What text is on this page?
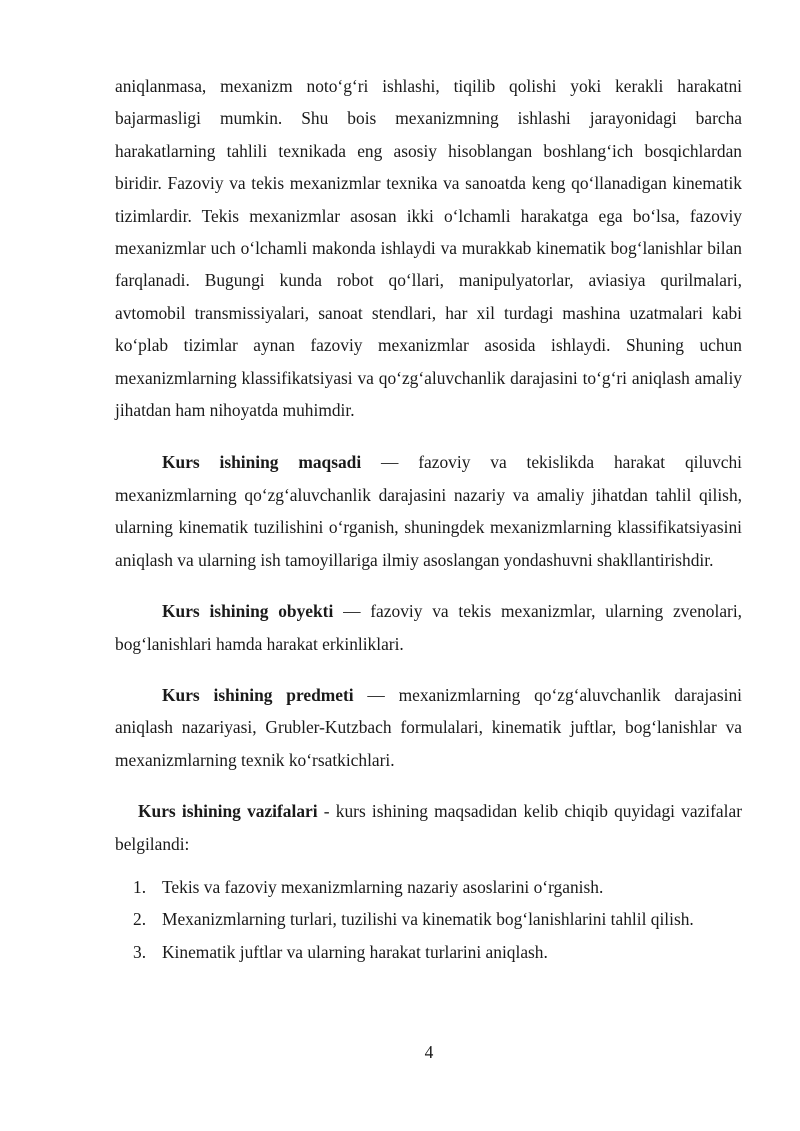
aniqlanmasa, mexanizm noto‘g‘ri ishlashi, tiqilib qolishi yoki kerakli harakatni bajarmasligi mumkin. Shu bois mexanizmning ishlashi jarayonidagi barcha harakatlarning tahlili texnikada eng asosiy hisoblangan boshlang‘ich bosqichlardan biridir. Fazoviy va tekis mexanizmlar texnika va sanoatda keng qo‘llanadigan kinematik tizimlardir. Tekis mexanizmlar asosan ikki o‘lchamli harakatga ega bo‘lsa, fazoviy mexanizmlar uch o‘lchamli makonda ishlaydi va murakkab kinematik bog‘lanishlar bilan farqlanadi. Bugungi kunda robot qo‘llari, manipulyatorlar, aviasiya qurilmalari, avtomobil transmissiyalari, sanoat stendlari, har xil turdagi mashina uzatmalari kabi ko‘plab tizimlar aynan fazoviy mexanizmlar asosida ishlaydi. Shuning uchun mexanizmlarning klassifikatsiyasi va qo‘zg‘aluvchanlik darajasini to‘g‘ri aniqlash amaliy jihatdan ham nihoyatda muhimdir.

Kurs ishining maqsadi — fazoviy va tekislikda harakat qiluvchi mexanizmlarning qo‘zg‘aluvchanlik darajasini nazariy va amaliy jihatdan tahlil qilish, ularning kinematik tuzilishini o‘rganish, shuningdek mexanizmlarning klassifikatsiyasini aniqlash va ularning ish tamoyillariga ilmiy asoslangan yondashuvni shakllantirishdir.

Kurs ishining obyekti — fazoviy va tekis mexanizmlar, ularning zvenolari, bog‘lanishlari hamda harakat erkinliklari.

Kurs ishining predmeti — mexanizmlarning qo‘zg‘aluvchanlik darajasini aniqlash nazariyasi, Grubler-Kutzbach formulalari, kinematik juftlar, bog‘lanishlar va mexanizmlarning texnik ko‘rsatkichlari.

Kurs ishining vazifalari - kurs ishining maqsadidan kelib chiqib quyidagi vazifalar belgilandi:

1. Tekis va fazoviy mexanizmlarning nazariy asoslarini o‘rganish.
2. Mexanizmlarning turlari, tuzilishi va kinematik bog‘lanishlarini tahlil qilish.
3. Kinematik juftlar va ularning harakat turlarini aniqlash.
4
